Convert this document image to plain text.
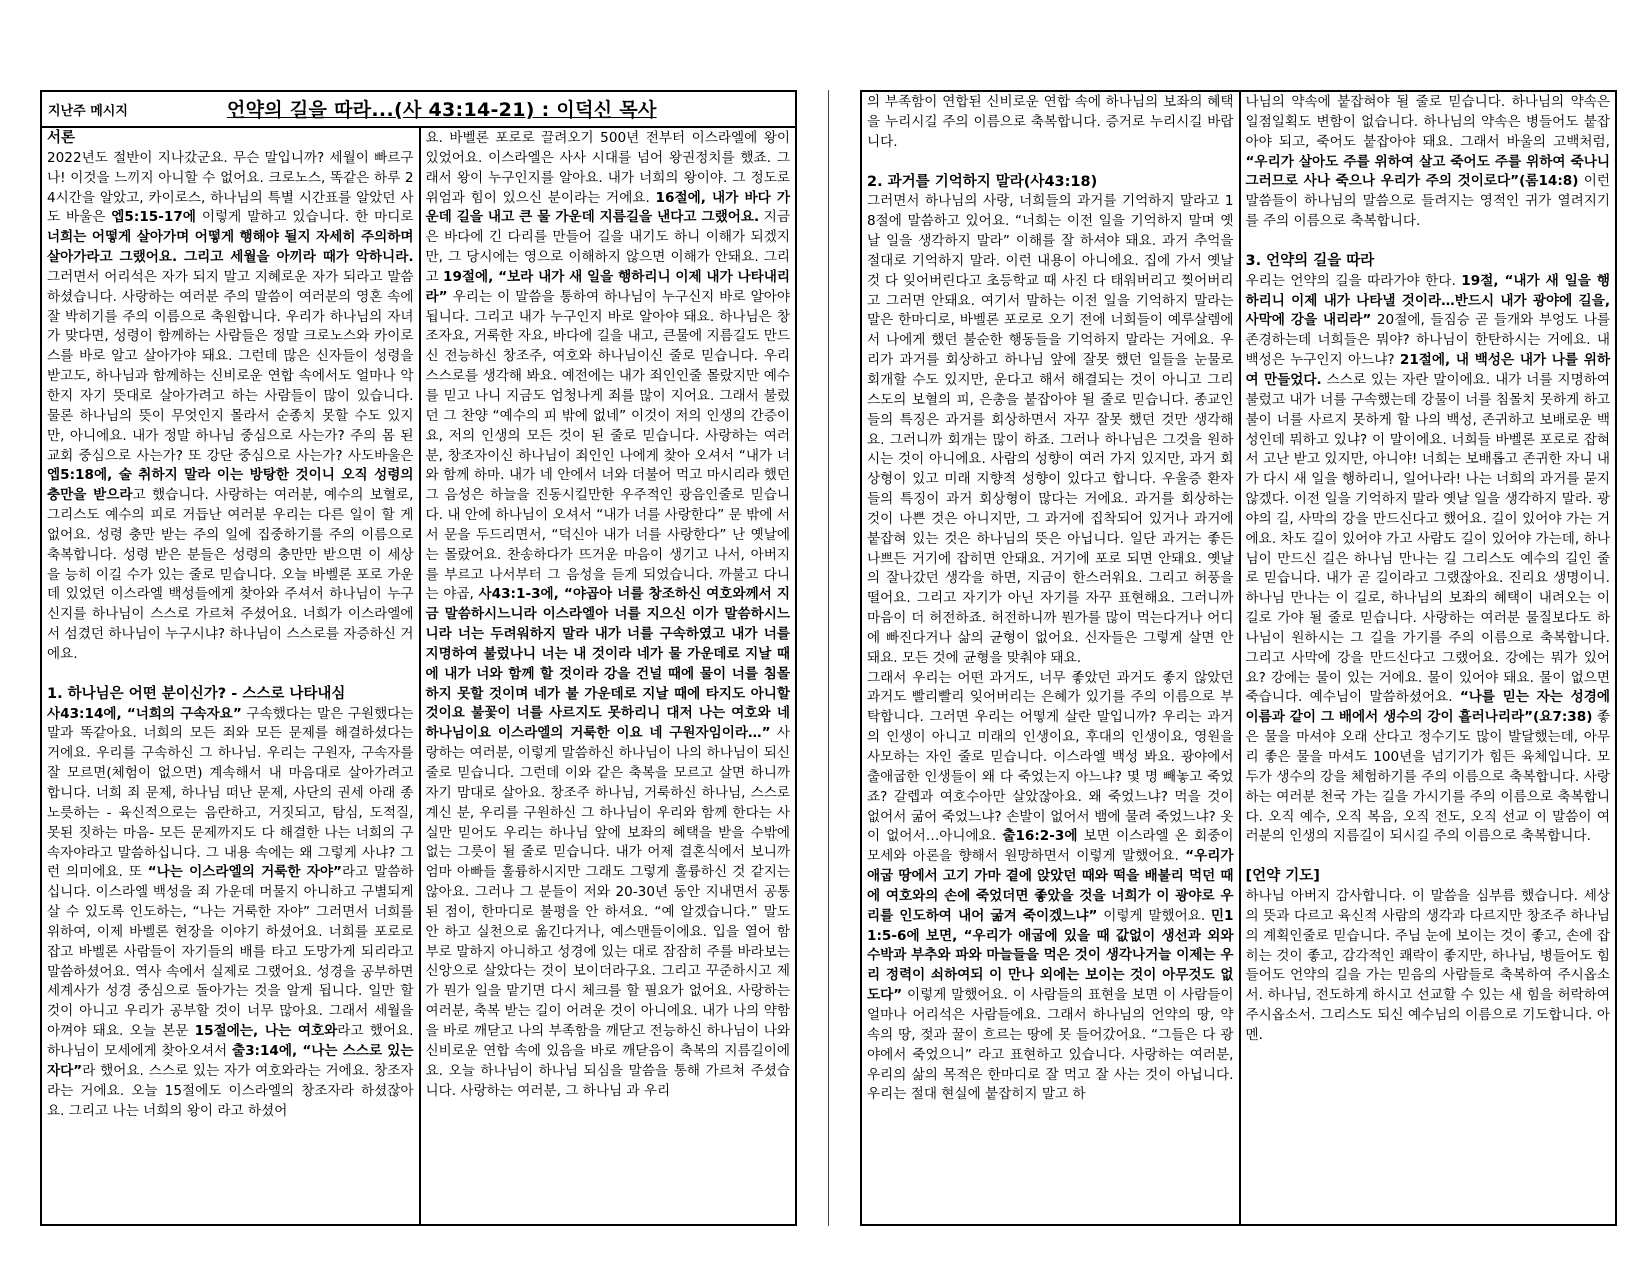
지난주 메시지	언약의 길을 따라...(사 43:14-21) : 이덕신 목사
서론

2022년도 절반이 지나갔군요. 무슨 말입니까? 세월이 빠르구나! 이것을 느끼지 아니할 수 없어요. 크로노스, 똑같은 하루 24시간을 알았고, 카이로스, 하나님의 특별 시간표를 알았던 사도 바울은 엡5:15-17에 이렇게 말하고 있습니다. 한 마디로 너희는 어떻게 살아가며 어떻게 행해야 될지 자세히 주의하며 살아가라고 그랬어요. 그리고 세월을 아끼라 때가 악하니라. 그러면서 어리석은 자가 되지 말고 지혜로운 자가 되라고 말씀하셨습니다. 사랑하는 여러분 주의 말씀이 여러분의 영혼 속에 잘 박히기를 주의 이름으로 축원합니다. 우리가 하나님의 자녀가 맞다면, 성령이 함께하는 사람들은 정말 크로노스와 카이로스를 바로 알고 살아가야 돼요. 그런데 많은 신자들이 성령을 받고도, 하나님과 함께하는 신비로운 연합 속에서도 얼마나 악한지 자기 뜻대로 살아가려고 하는 사람들이 많이 있습니다. 물론 하나님의 뜻이 무엇인지 몰라서 순종치 못할 수도 있지만, 아니에요. 내가 정말 하나님 중심으로 사는가? 주의 몸 된 교회 중심으로 사는가? 또 강단 중심으로 사는가? 사도바울은 엡5:18에, 술 취하지 말라 이는 방탕한 것이니 오직 성령의 충만을 받으라고 했습니다. 사랑하는 여러분, 예수의 보혈로, 그리스도 예수의 피로 거듭난 여러분 우리는 다른 일이 할 게 없어요. 성령 충만 받는 주의 일에 집중하기를 주의 이름으로 축복합니다. 성령 받은 분들은 성령의 충만만 받으면 이 세상을 능히 이길 수가 있는 줄로 믿습니다. 오늘 바벨론 포로 가운데 있었던 이스라엘 백성들에게 찾아와 주셔서 하나님이 누구신지를 하나님이 스스로 가르쳐 주셨어요. 너희가 이스라엘에서 섬겼던 하나님이 누구시냐? 하나님이 스스로를 자증하신 거에요.

1. 하나님은 어떤 분이신가? - 스스로 나타내심

사43:14에, “너희의 구속자요” 구속했다는 말은 구원했다는 말과 똑같아요. 너희의 모든 죄와 모든 문제를 해결하셨다는 거에요. 우리를 구속하신 그 하나님. 우리는 구원자, 구속자를 잘 모르면(체험이 없으면) 계속해서 내 마음대로 살아가려고 합니다. 너희 죄 문제, 하나님 떠난 문제, 사단의 권세 아래 종노릇하는 - 육신적으로는 음란하고, 거짓되고, 탐심, 도적질, 못된 짓하는 마음- 모든 문제까지도 다 해결한 나는 너희의 구속자야라고 말씀하십니다. 그 내용 속에는 왜 그렇게 사냐? 그런 의미에요. 또 “나는 이스라엘의 거룩한 자야”라고 말씀하십니다. 이스라엘 백성을 죄 가운데 머물지 아니하고 구별되게 살 수 있도록 인도하는, “나는 거룩한 자야” 그러면서 너희를 위하여, 이제 바벨론 현장을 이야기 하셨어요. 너희를 포로로 잡고 바벨론 사람들이 자기들의 배를 타고 도망가게 되리라고 말씀하셨어요. 역사 속에서 실제로 그랬어요. 성경을 공부하면 세계사가 성경 중심으로 돌아가는 것을 알게 됩니다. 일만 할 것이 아니고 우리가 공부할 것이 너무 많아요. 그래서 세월을 아껴야 돼요. 오늘 본문 15절에는, 나는 여호와라고 했어요. 하나님이 모세에게 찾아오셔서 출3:14에, “나는 스스로 있는 자다”라 했어요. 스스로 있는 자가 여호와라는 거에요. 창조자라는 거에요. 오늘 15절에도 이스라엘의 창조자라 하셨잖아요. 그리고 나는 너희의 왕이 라고 하셨어

요. 바벨론 포로로 끌려오기 500년 전부터 이스라엘에 왕이 있었어요. 이스라엘은 사사 시대를 넘어 왕권정치를 했죠. 그래서 왕이 누구인지를 알아요. 내가 너희의 왕이야. 그 정도로 위엄과 힘이 있으신 분이라는 거에요. 16절에, 내가 바다 가운데 길을 내고 큰 물 가운데 지름길을 낸다고 그랬어요. 지금은 바다에 긴 다리를 만들어 길을 내기도 하니 이해가 되겠지만, 그 당시에는 영으로 이해하지 않으면 이해가 안돼요. 그리고 19절에, “보라 내가 새 일을 행하리니 이제 내가 나타내리라” 우리는 이 말씀을 통하여 하나님이 누구신지 바로 알아야 됩니다. 그리고 내가 누구인지 바로 알아야 돼요. 하나님은 창조자요, 거룩한 자요, 바다에 길을 내고, 큰물에 지름길도 만드신 전능하신 창조주, 여호와 하나님이신 줄로 믿습니다. 우리 스스로를 생각해 봐요. 예전에는 내가 죄인인줄 몰랐지만 예수를 믿고 나니 지금도 엄청나게 죄를 많이 지어요. 그래서 불렀던 그 찬양 “예수의 피 밖에 없네” 이것이 저의 인생의 간증이요, 저의 인생의 모든 것이 된 줄로 믿습니다. 사랑하는 여러분, 창조자이신 하나님이 죄인인 나에게 찾아 오셔서 “내가 너와 함께 하마. 내가 네 안에서 너와 더불어 먹고 마시리라 했던 그 음성은 하늘을 진동시킬만한 우주적인 광음인줄로 믿습니다. 내 안에 하나님이 오셔서 “내가 너를 사랑한다” 문 밖에 서서 문을 두드리면서, “덕신아 내가 너를 사랑한다” 난 옛날에는 몰랐어요. 찬송하다가 뜨거운 마음이 생기고 나서, 아버지를 부르고 나서부터 그 음성을 듣게 되었습니다. 까불고 다니는 야곱, 사43:1-3에, “야곱아 너를 창조하신 여호와께서 지금 말씀하시느니라 이스라엘아 너를 지으신 이가 말씀하시느니라 너는 두려워하지 말라 내가 너를 구속하였고 내가 너를 지명하여 불렀나니 너는 내 것이라 네가 물 가운데로 지날 때에 내가 너와 함께 할 것이라 강을 건널 때에 물이 너를 침몰하지 못할 것이며 네가 불 가운데로 지날 때에 타지도 아니할 것이요 불꽃이 너를 사르지도 못하리니 대저 나는 여호와 네 하나님이요 이스라엘의 거룩한 이요 네 구원자임이라…” 사랑하는 여러분, 이렇게 말씀하신 하나님이 나의 하나님이 되신 줄로 믿습니다. 그런데 이와 같은 축복을 모르고 살면 하니까 자기 맘대로 살아요. 창조주 하나님, 거룩하신 하나님, 스스로 계신 분, 우리를 구원하신 그 하나님이 우리와 함께 한다는 사실만 믿어도 우리는 하나님 앞에 보좌의 혜택을 받을 수밖에 없는 그릇이 될 줄로 믿습니다. 내가 어제 결혼식에서 보니까 엄마 아빠들 훌륭하시지만 그래도 그렇게 훌륭하신 것 같지는 않아요. 그러나 그 분들이 저와 20-30년 동안 지내면서 공통된 점이, 한마디로 불평을 안 하셔요. “예 알겠습니다.” 말도 안 하고 실천으로 옮긴다거나, 예스맨들이에요. 입을 열어 함부로 말하지 아니하고 성경에 있는 대로 잠잠히 주를 바라보는 신앙으로 살았다는 것이 보이더라구요. 그리고 꾸준하시고 제가 뭔가 일을 맡기면 다시 체크를 할 필요가 없어요. 사랑하는 여러분, 축복 받는 길이 어려운 것이 아니에요. 내가 나의 약함을 바로 깨닫고 나의 부족함을 깨닫고 전능하신 하나님이 나와 신비로운 연합 속에 있음을 바로 깨닫음이 축복의 지름길이에요. 오늘 하나님이 하나님 되심을 말씀을 통해 가르쳐 주셨습니다. 사랑하는 여러분, 그 하나님 과 우리

의 부족함이 연합된 신비로운 연합 속에 하나님의 보좌의 혜택을 누리시길 주의 이름으로 축복합니다. 증거로 누리시길 바랍니다.

2. 과거를 기억하지 말라(사43:18)

그러면서 하나님의 사랑, 너희들의 과거를 기억하지 말라고 18절에 말씀하고 있어요. “너희는 이전 일을 기억하지 말며 옛날 일을 생각하지 말라” 이해를 잘 하셔야 돼요. 과거 추억을 절대로 기억하지 말라. 이런 내용이 아니에요. 집에 가서 옛날 것 다 잊어버린다고 초등학교 때 사진 다 태워버리고 찢어버리고 그러면 안돼요. 여기서 말하는 이전 일을 기억하지 말라는 말은 한마디로, 바벨론 포로로 오기 전에 너희들이 예루살렘에서 나에게 했던 불순한 행동들을 기억하지 말라는 거에요. 우리가 과거를 회상하고 하나님 앞에 잘못 했던 일들을 눈물로 회개할 수도 있지만, 운다고 해서 해결되는 것이 아니고 그리스도의 보혈의 피, 은총을 붙잡아야 될 줄로 믿습니다. 종교인들의 특징은 과거를 회상하면서 자꾸 잘못 했던 것만 생각해요. 그러니까 회개는 많이 하죠. 그러나 하나님은 그것을 원하시는 것이 아니에요. 사람의 성향이 여러 가지 있지만, 과거 회상형이 있고 미래 지향적 성향이 있다고 합니다. 우울증 환자들의 특징이 과거 회상형이 많다는 거에요. 과거를 회상하는 것이 나쁜 것은 아니지만, 그 과거에 집착되어 있거나 과거에 붙잡혀 있는 것은 하나님의 뜻은 아닙니다. 일단 과거는 좋든 나쁘든 거기에 잡히면 안돼요. 거기에 포로 되면 안돼요. 옛날의 잘나갔던 생각을 하면, 지금이 한스러워요. 그리고 허풍을 떨어요. 그리고 자기가 아닌 자기를 자꾸 표현해요. 그러니까 마음이 더 허전하죠. 허전하니까 뭔가를 많이 먹는다거나 어디에 빠진다거나 삶의 균형이 없어요. 신자들은 그렇게 살면 안돼요. 모든 것에 균형을 맞춰야 돼요.

그래서 우리는 어떤 과거도, 너무 좋았던 과거도 좋지 않았던 과거도 빨리빨리 잊어버리는 은혜가 있기를 주의 이름으로 부탁합니다. 그러면 우리는 어떻게 살란 말입니까? 우리는 과거의 인생이 아니고 미래의 인생이요, 후대의 인생이요, 영원을 사모하는 자인 줄로 믿습니다. 이스라엘 백성 봐요. 광야에서 출애굽한 인생들이 왜 다 죽었는지 아느냐? 몇 명 빼놓고 죽었죠? 갈렙과 여호수아만 살았잖아요. 왜 죽었느냐? 먹을 것이 없어서 굶어 죽었느냐? 손발이 없어서 뱀에 물려 죽었느냐? 옷이 없어서…아니에요. 출16:2-3에 보면 이스라엘 온 회중이 모세와 아론을 향해서 원망하면서 이렇게 말했어요. “우리가 애굽 땅에서 고기 가마 곁에 앉았던 때와 떡을 배불리 먹던 때에 여호와의 손에 죽었더면 좋았을 것을 너희가 이 광야로 우리를 인도하여 내어 굶겨 죽이겠느냐” 이렇게 말했어요. 민11:5-6에 보면, “우리가 애굽에 있을 때 값없이 생선과 외와 수박과 부추와 파와 마늘들을 먹은 것이 생각나거늘 이제는 우리 정력이 쇠하여되 이 만나 외에는 보이는 것이 아무것도 없도다” 이렇게 말했어요. 이 사람들의 표현을 보면 이 사람들이 얼마나 어리석은 사람들에요. 그래서 하나님의 언약의 땅, 약속의 땅, 젖과 꿀이 흐르는 땅에 못 들어갔어요. “그들은 다 광야에서 죽었으니” 라고 표현하고 있습니다. 사랑하는 여러분, 우리의 삶의 목적은 한마디로 잘 먹고 잘 사는 것이 아닙니다. 우리는 절대 현실에 붙잡히지 말고 하

나님의 약속에 붙잡혀야 될 줄로 믿습니다. 하나님의 약속은 일점일획도 변함이 없습니다. 하나님의 약속은 병들어도 붙잡아야 되고, 죽어도 붙잡아야 돼요. 그래서 바울의 고백처럼, “우리가 살아도 주를 위하여 살고 죽어도 주를 위하여 죽나니 그러므로 사나 죽으나 우리가 주의 것이로다”(롬14:8) 이런 말씀들이 하나님의 말씀으로 들려지는 영적인 귀가 열려지기를 주의 이름으로 축복합니다.

3. 언약의 길을 따라

우리는 언약의 길을 따라가야 한다. 19절, “내가 새 일을 행하리니 이제 내가 나타낼 것이라…반드시 내가 광야에 길을, 사막에 강을 내리라” 20절에, 들짐승 곧 들개와 부엉도 나를 존경하는데 너희들은 뭐야? 하나님이 한탄하시는 거에요. 내 백성은 누구인지 아느냐? 21절에, 내 백성은 내가 나를 위하여 만들었다. 스스로 있는 자란 말이에요. 내가 너를 지명하여 불렀고 내가 너를 구속했는데 강물이 너를 침몰치 못하게 하고 불이 너를 사르지 못하게 할 나의 백성, 존귀하고 보배로운 백성인데 뭐하고 있냐? 이 말이에요. 너희들 바벨론 포로로 잡혀서 고난 받고 있지만, 아니야! 너희는 보배롭고 존귀한 자니 내가 다시 새 일을 행하리니, 일어나라! 나는 너희의 과거를 묻지 않겠다. 이전 일을 기억하지 말라 옛날 일을 생각하지 말라. 광야의 길, 사막의 강을 만드신다고 했어요. 길이 있어야 가는 거에요. 차도 길이 있어야 가고 사람도 길이 있어야 가는데, 하나님이 만드신 길은 하나님 만나는 길 그리스도 예수의 길인 줄로 믿습니다. 내가 곧 길이라고 그랬잖아요. 진리요 생명이니. 하나님 만나는 이 길로, 하나님의 보좌의 혜택이 내려오는 이 길로 가야 될 줄로 믿습니다. 사랑하는 여러분 물질보다도 하나님이 원하시는 그 길을 가기를 주의 이름으로 축복합니다. 그리고 사막에 강을 만드신다고 그랬어요. 강에는 뭐가 있어요? 강에는 물이 있는 거에요. 물이 있어야 돼요. 물이 없으면 죽습니다. 예수님이 말씀하셨어요. “나를 믿는 자는 성경에 이름과 같이 그 배에서 생수의 강이 흘러나리라”(요7:38) 좋은 물을 마셔야 오래 산다고 정수기도 많이 발달했는데, 아무리 좋은 물을 마셔도 100년을 넘기기가 힘든 육체입니다. 모두가 생수의 강을 체험하기를 주의 이름으로 축복합니다. 사랑하는 여러분 천국 가는 길을 가시기를 주의 이름으로 축복합니다. 오직 예수, 오직 복음, 오직 전도, 오직 선교 이 말씀이 여러분의 인생의 지름길이 되시길 주의 이름으로 축복합니다.

[언약 기도]

하나님 아버지 감사합니다. 이 말씀을 심부름 했습니다. 세상의 뜻과 다르고 육신적 사람의 생각과 다르지만 창조주 하나님의 계획인줄로 믿습니다. 주님 눈에 보이는 것이 좋고, 손에 잡히는 것이 좋고, 감각적인 쾌락이 좋지만, 하나님, 병들어도 힘들어도 언약의 길을 가는 믿음의 사람들로 축복하여 주시옵소서. 하나님, 전도하게 하시고 선교할 수 있는 새 힘을 허락하여 주시옵소서. 그리스도 되신 예수님의 이름으로 기도합니다. 아멘.
